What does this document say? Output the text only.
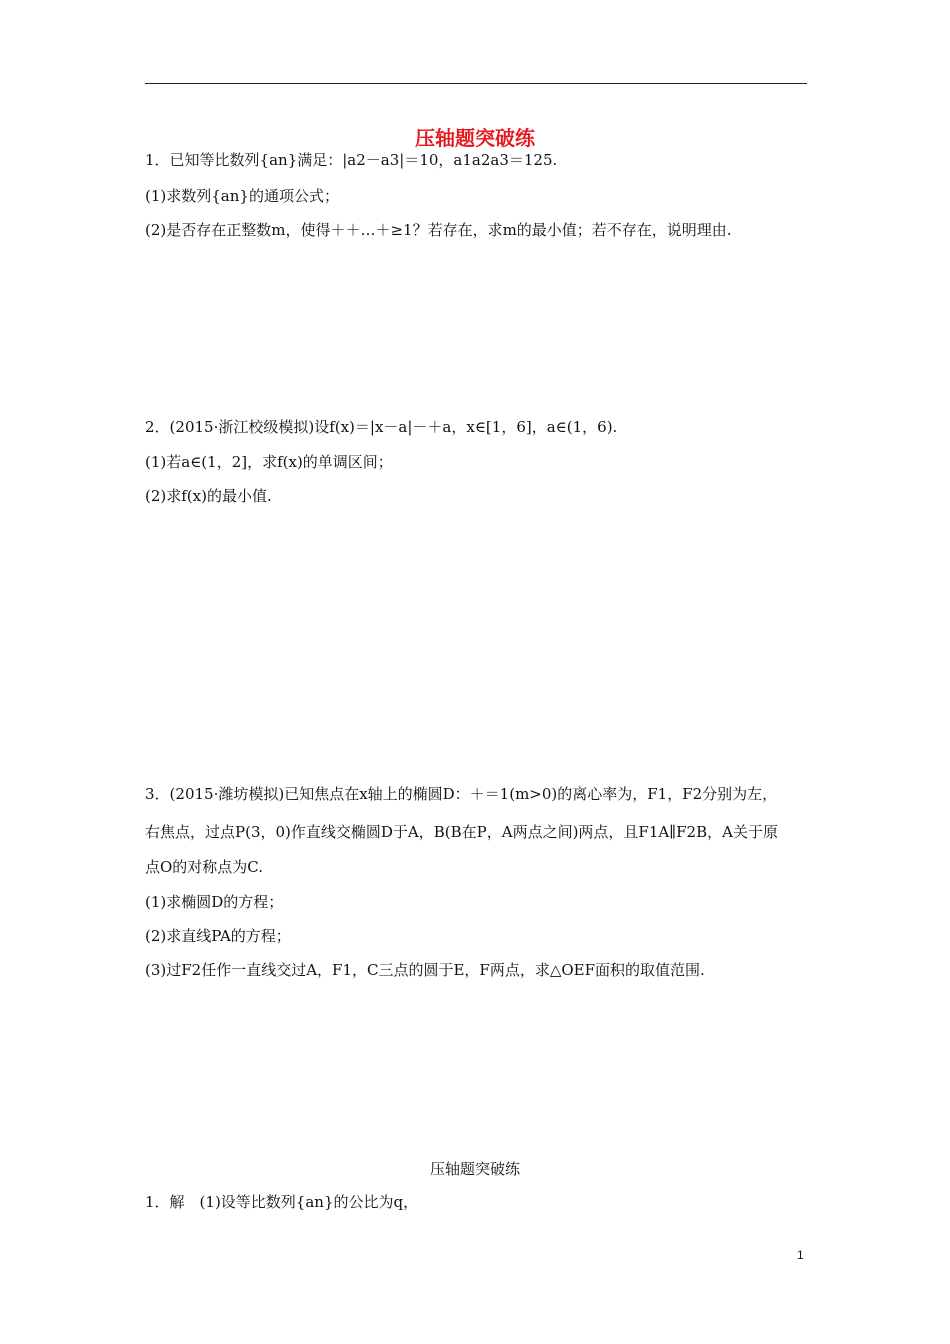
压轴题突破练
1．已知等比数列{an}满足：|a2－a3|＝10，a1a2a3＝125.
(1)求数列{an}的通项公式；
(2)是否存在正整数m，使得＋＋…＋≥1？若存在，求m的最小值；若不存在，说明理由.
2．(2015·浙江校级模拟)设f(x)＝|x－a|－＋a，x∈[1，6]，a∈(1，6).
(1)若a∈(1，2]，求f(x)的单调区间；
(2)求f(x)的最小值.
3．(2015·潍坊模拟)已知焦点在x轴上的椭圆D：＋＝1(m>0)的离心率为，F1，F2分别为左，
右焦点，过点P(3，0)作直线交椭圆D于A，B(B在P，A两点之间)两点，且F1A∥F2B，A关于原
点O的对称点为C.
(1)求椭圆D的方程；
(2)求直线PA的方程；
(3)过F2任作一直线交过A，F1，C三点的圆于E，F两点，求△OEF面积的取值范围.
压轴题突破练
1．解　(1)设等比数列{an}的公比为q，
1
